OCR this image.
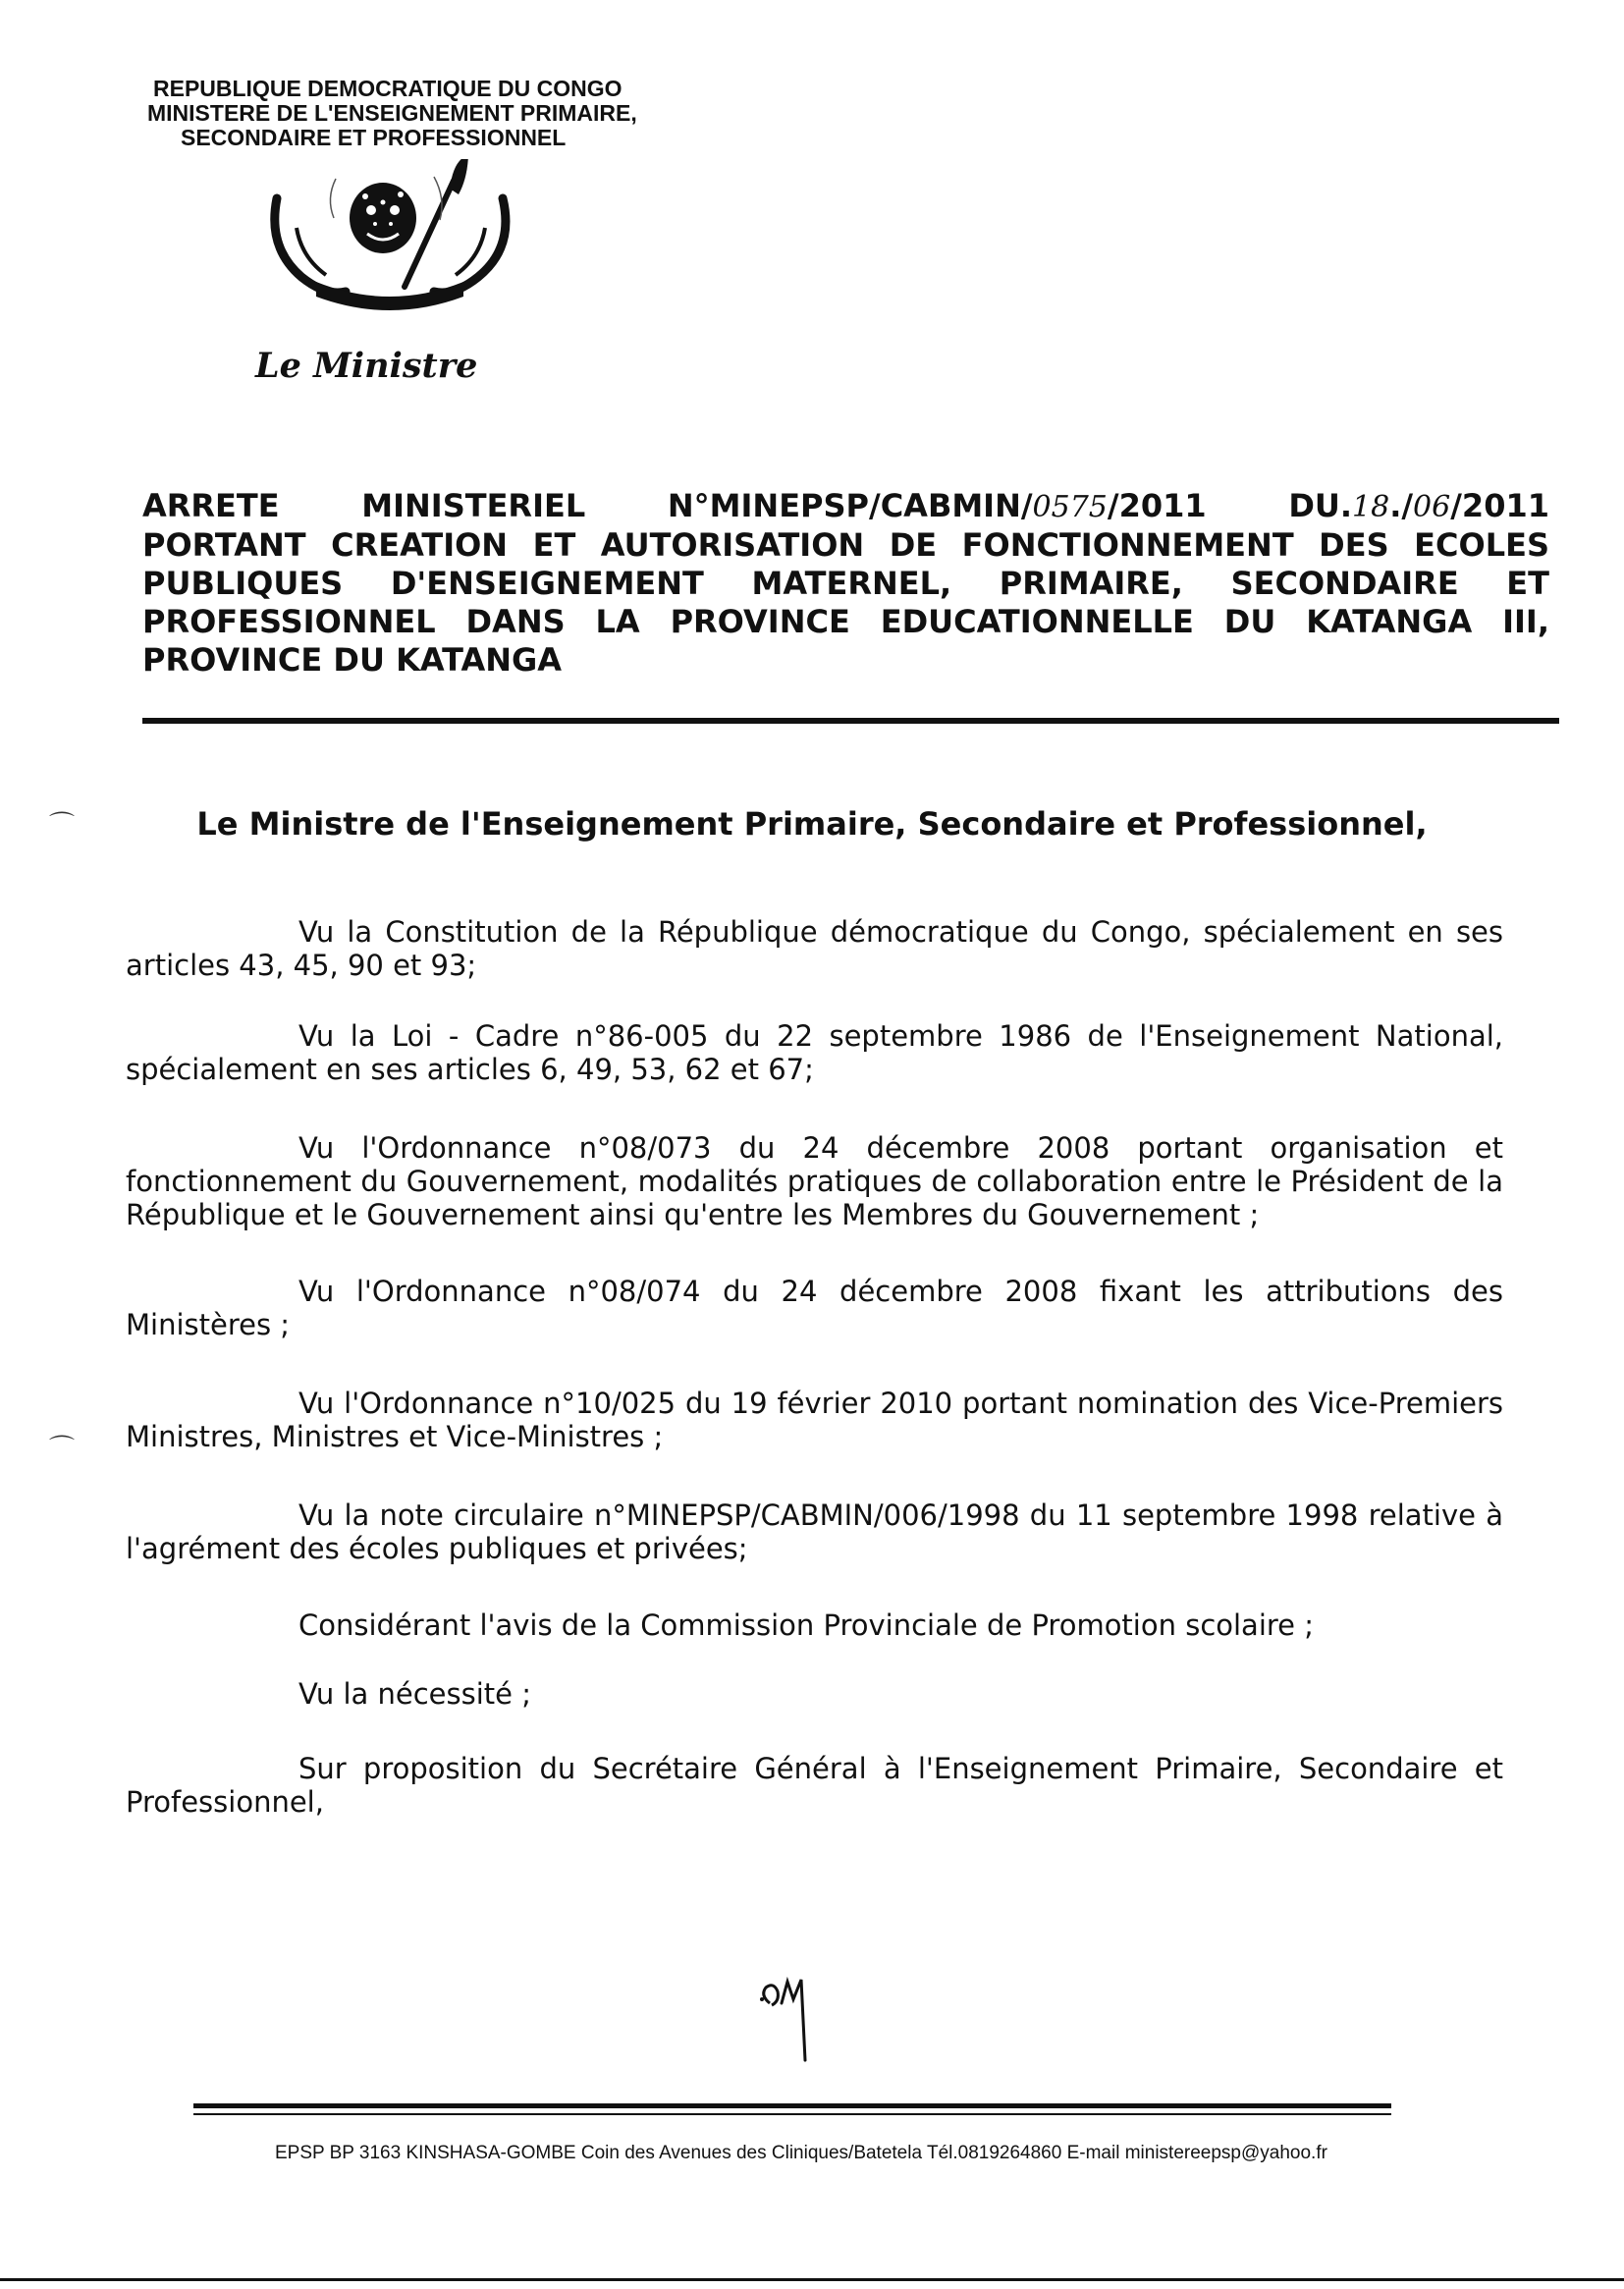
REPUBLIQUE DEMOCRATIQUE DU CONGO
MINISTERE DE L'ENSEIGNEMENT PRIMAIRE,
SECONDAIRE ET PROFESSIONNEL
Le Ministre
ARRETE	MINISTERIEL	N°MINEPSP/CABMIN/0575/2011	DU.18./06/2011
PORTANT CREATION ET AUTORISATION DE FONCTIONNEMENT DES ECOLES
PUBLIQUES D'ENSEIGNEMENT MATERNEL, PRIMAIRE, SECONDAIRE ET
PROFESSIONNEL DANS LA PROVINCE EDUCATIONNELLE DU KATANGA III,
PROVINCE DU KATANGA
⌒
⌒
Le Ministre de l'Enseignement Primaire, Secondaire et Professionnel,

Vu la Constitution de la République démocratique du Congo, spécialement en ses articles 43, 45, 90 et 93;

Vu la Loi - Cadre n°86-005 du 22 septembre 1986 de l'Enseignement National, spécialement en ses articles 6, 49, 53, 62 et 67;

Vu l'Ordonnance n°08/073 du 24 décembre 2008 portant organisation et fonctionnement du Gouvernement, modalités pratiques de collaboration entre le Président de la République et le Gouvernement ainsi qu'entre les Membres du Gouvernement ;

Vu l'Ordonnance n°08/074 du 24 décembre 2008 fixant les attributions des Ministères ;

Vu l'Ordonnance n°10/025 du 19 février 2010 portant nomination des Vice-Premiers Ministres, Ministres et Vice-Ministres ;

Vu la note circulaire n°MINEPSP/CABMIN/006/1998 du 11 septembre 1998 relative à l'agrément des écoles publiques et privées;

Considérant l'avis de la Commission Provinciale de Promotion scolaire ;

Vu la nécessité ;

Sur proposition du Secrétaire Général à l'Enseignement Primaire, Secondaire et Professionnel,

EPSP BP 3163 KINSHASA-GOMBE Coin des Avenues des Cliniques/Batetela Tél.0819264860 E-mail ministereepsp@yahoo.fr
